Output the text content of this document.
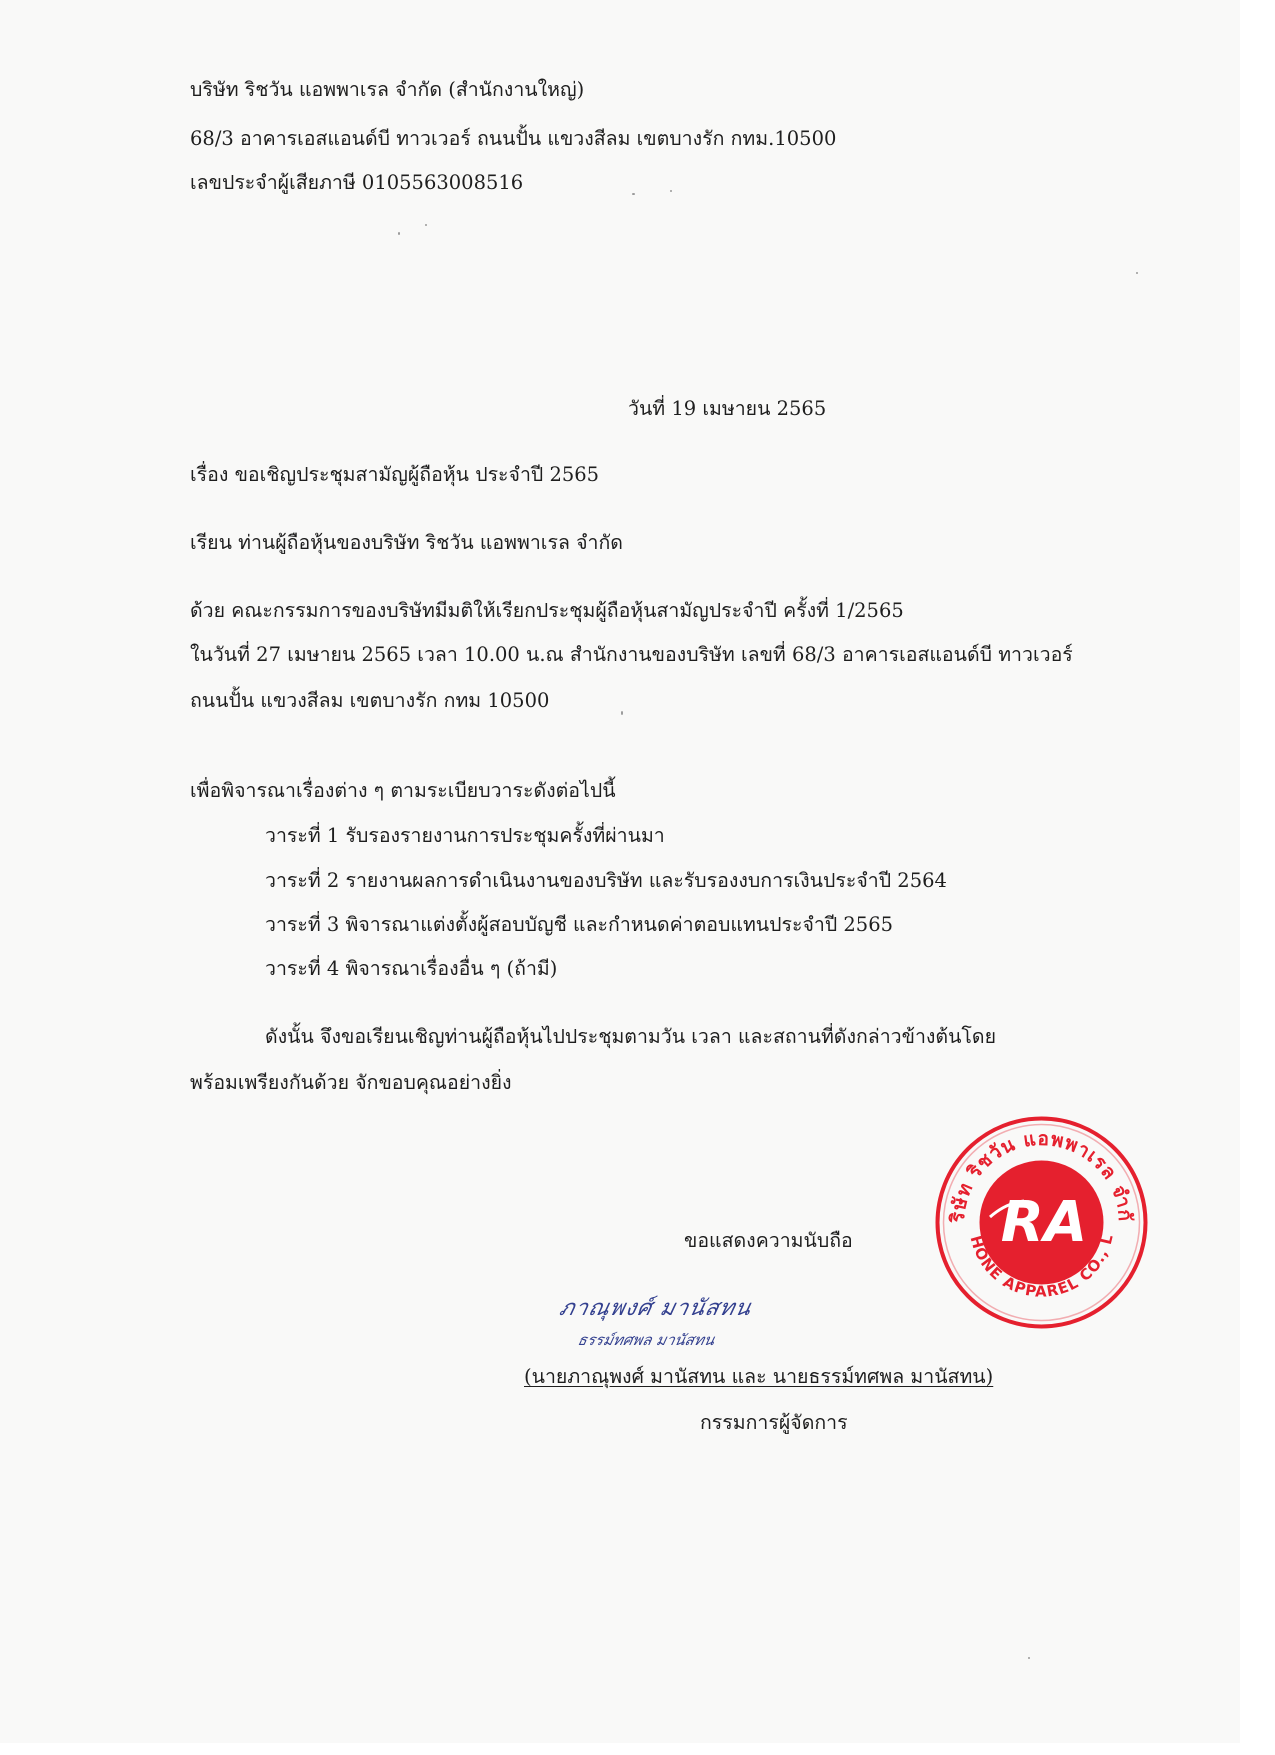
บริษัท ริชวัน แอพพาเรล จำกัด (สำนักงานใหญ่)

68/3 อาคารเอสแอนด์บี ทาวเวอร์ ถนนปั้น แขวงสีลม เขตบางรัก กทม.10500

เลขประจำผู้เสียภาษี 0105563008516

วันที่ 19 เมษายน 2565

เรื่อง ขอเชิญประชุมสามัญผู้ถือหุ้น ประจำปี 2565

เรียน ท่านผู้ถือหุ้นของบริษัท ริชวัน แอพพาเรล จำกัด

ด้วย คณะกรรมการของบริษัทมีมติให้เรียกประชุมผู้ถือหุ้นสามัญประจำปี ครั้งที่ 1/2565

ในวันที่ 27 เมษายน 2565 เวลา 10.00 น.ณ สำนักงานของบริษัท เลขที่ 68/3 อาคารเอสแอนด์บี ทาวเวอร์

ถนนปั้น แขวงสีลม เขตบางรัก กทม 10500

เพื่อพิจารณาเรื่องต่าง ๆ ตามระเบียบวาระดังต่อไปนี้

วาระที่ 1 รับรองรายงานการประชุมครั้งที่ผ่านมา

วาระที่ 2 รายงานผลการดำเนินงานของบริษัท และรับรองงบการเงินประจำปี 2564

วาระที่ 3 พิจารณาแต่งตั้งผู้สอบบัญชี และกำหนดค่าตอบแทนประจำปี 2565

วาระที่ 4 พิจารณาเรื่องอื่น ๆ (ถ้ามี)

ดังนั้น จึงขอเรียนเชิญท่านผู้ถือหุ้นไปประชุมตามวัน เวลา และสถานที่ดังกล่าวข้างต้นโดย

พร้อมเพรียงกันด้วย จักขอบคุณอย่างยิ่ง

ขอแสดงความนับถือ

ภาณุพงศ์ มานัสทน
ธรรม์ทศพล มานัสทน

(นายภาณุพงศ์ มานัสทน และ นายธรรม์ทศพล มานัสทน)

กรรมการผู้จัดการ

ริษัท ริชวัน แอพพาเรล จำกั
HONE APPAREL CO., L
RA
